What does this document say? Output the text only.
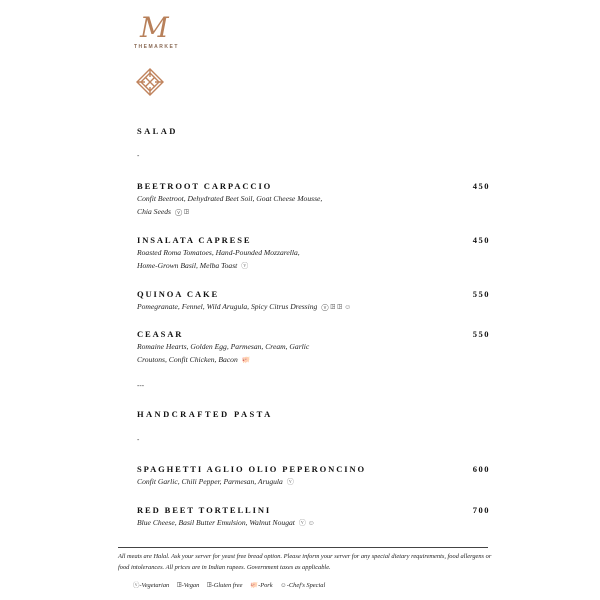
M
THEMARKET
SALAD
-
BEETROOT CARPACCIO	450
Confit Beetroot, Dehydrated Beet Soil, Goat Cheese Mousse,
Chia Seeds ⓥ ꖸ
INSALATA CAPRESE	450
Roasted Roma Tomatoes, Hand-Pounded Mozzarella,
Home-Grown Basil, Melba Toast ⓥ
QUINOA CAKE	550
Pomegranate, Fennel, Wild Arugula, Spicy Citrus Dressing ⓥ ꖸ ꖸ ☺
CEASAR	550
Romaine Hearts, Golden Egg, Parmesan, Cream, Garlic
Croutons, Confit Chicken, Bacon 🐖
---
HANDCRAFTED PASTA
-
SPAGHETTI AGLIO OLIO PEPERONCINO	600
Confit Garlic, Chili Pepper, Parmesan, Arugula ⓥ
RED BEET TORTELLINI	700
Blue Cheese, Basil Butter Emulsion, Walnut Nougat ⓥ ☺
All meats are Halal. Ask your server for yeast free bread option. Please inform your server for any special dietary requirements, food allergens or food intolerances. All prices are in Indian rupees. Government taxes as applicable.
ⓥ-Vegetarian ꖸ-Vegan ꖸ-Gluten free 🐖-Pork ☺-Chef's Special
